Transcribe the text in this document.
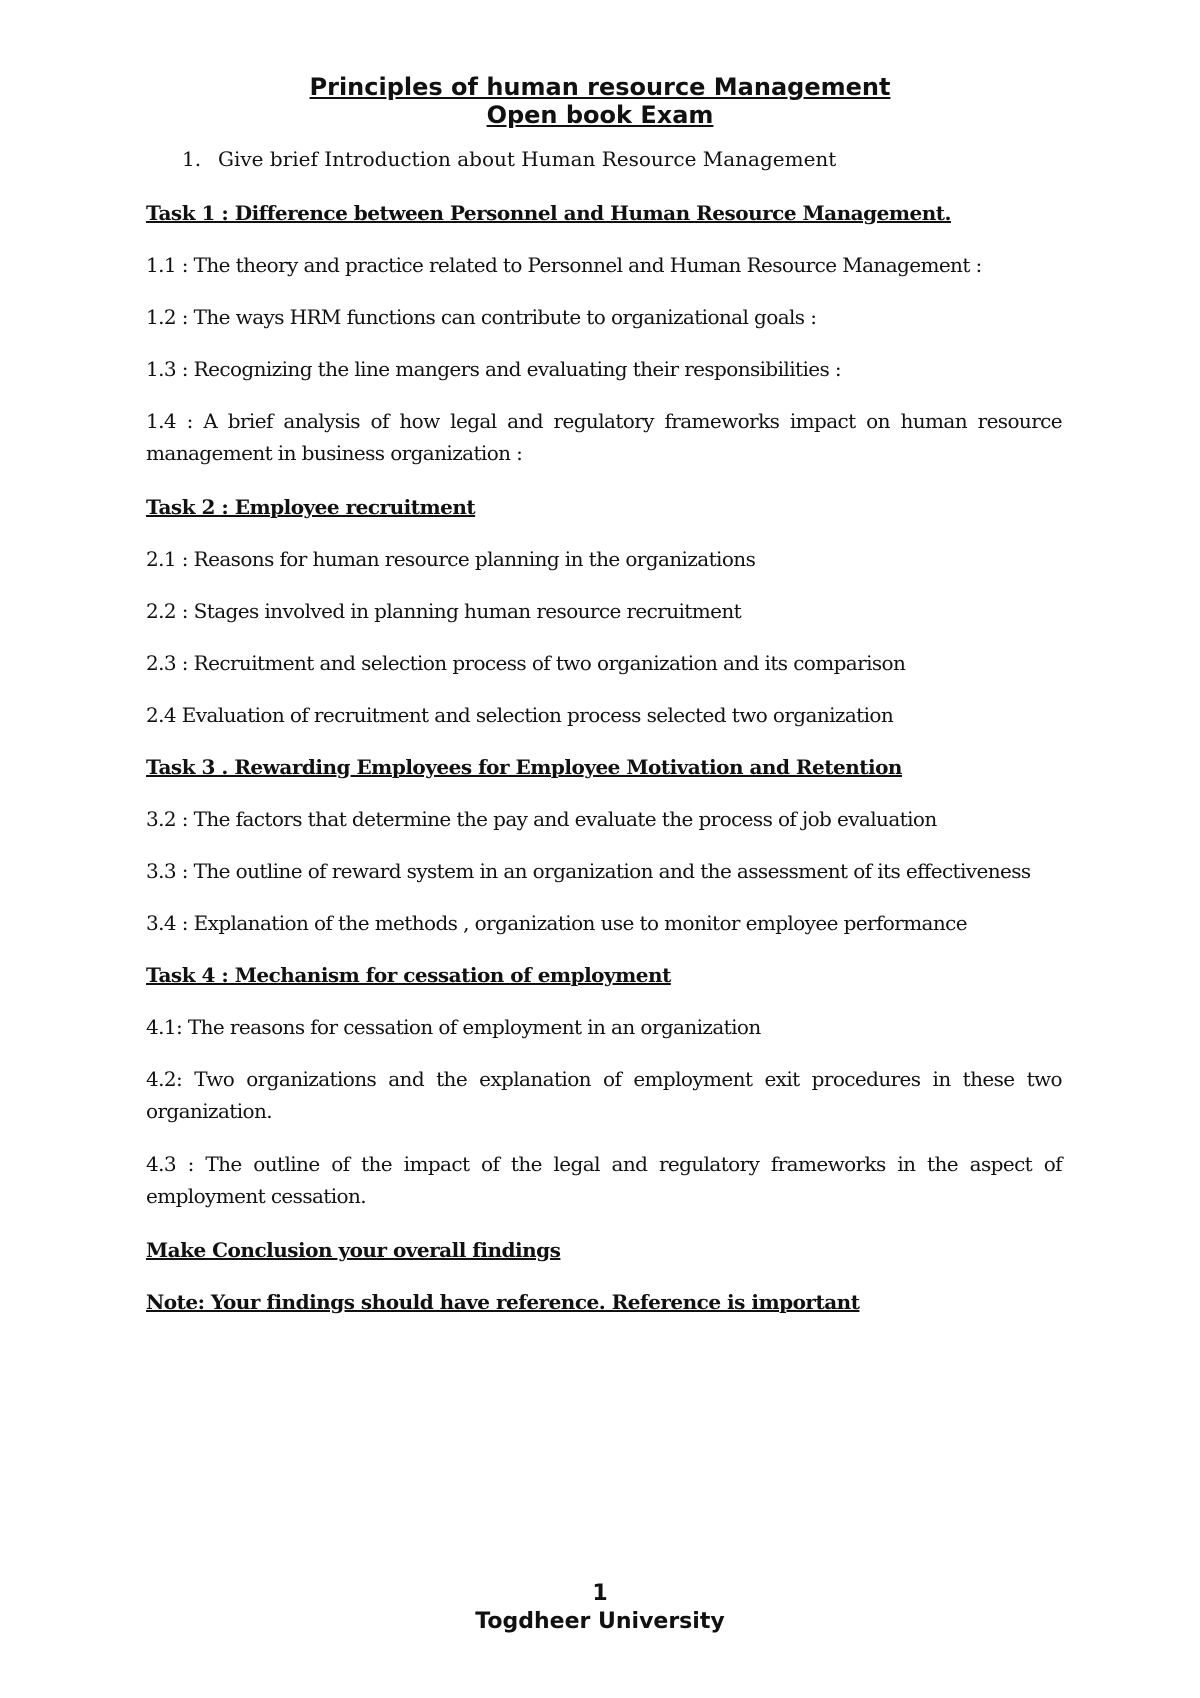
Principles of human resource Management
Open book Exam
1. Give brief Introduction about Human Resource Management

Task 1 : Difference between Personnel and Human Resource Management.

1.1 : The theory and practice related to Personnel and Human Resource Management :

1.2 : The ways HRM functions can contribute to organizational goals :

1.3 : Recognizing the line mangers and evaluating their responsibilities :

1.4 : A brief analysis of how legal and regulatory frameworks impact on human resource management in business organization :

Task 2 : Employee recruitment

2.1 : Reasons for human resource planning in the organizations

2.2 : Stages involved in planning human resource recruitment

2.3 : Recruitment and selection process of two organization and its comparison

2.4 Evaluation of recruitment and selection process selected two organization

Task 3 . Rewarding Employees for Employee Motivation and Retention

3.2 : The factors that determine the pay and evaluate the process of job evaluation

3.3 : The outline of reward system in an organization and the assessment of its effectiveness

3.4 : Explanation of the methods , organization use to monitor employee performance

Task 4 : Mechanism for cessation of employment

4.1: The reasons for cessation of employment in an organization

4.2: Two organizations and the explanation of employment exit procedures in these two organization.

4.3 : The outline of the impact of the legal and regulatory frameworks in the aspect of employment cessation.

Make Conclusion your overall findings

Note: Your findings should have reference. Reference is important

1
Togdheer University
